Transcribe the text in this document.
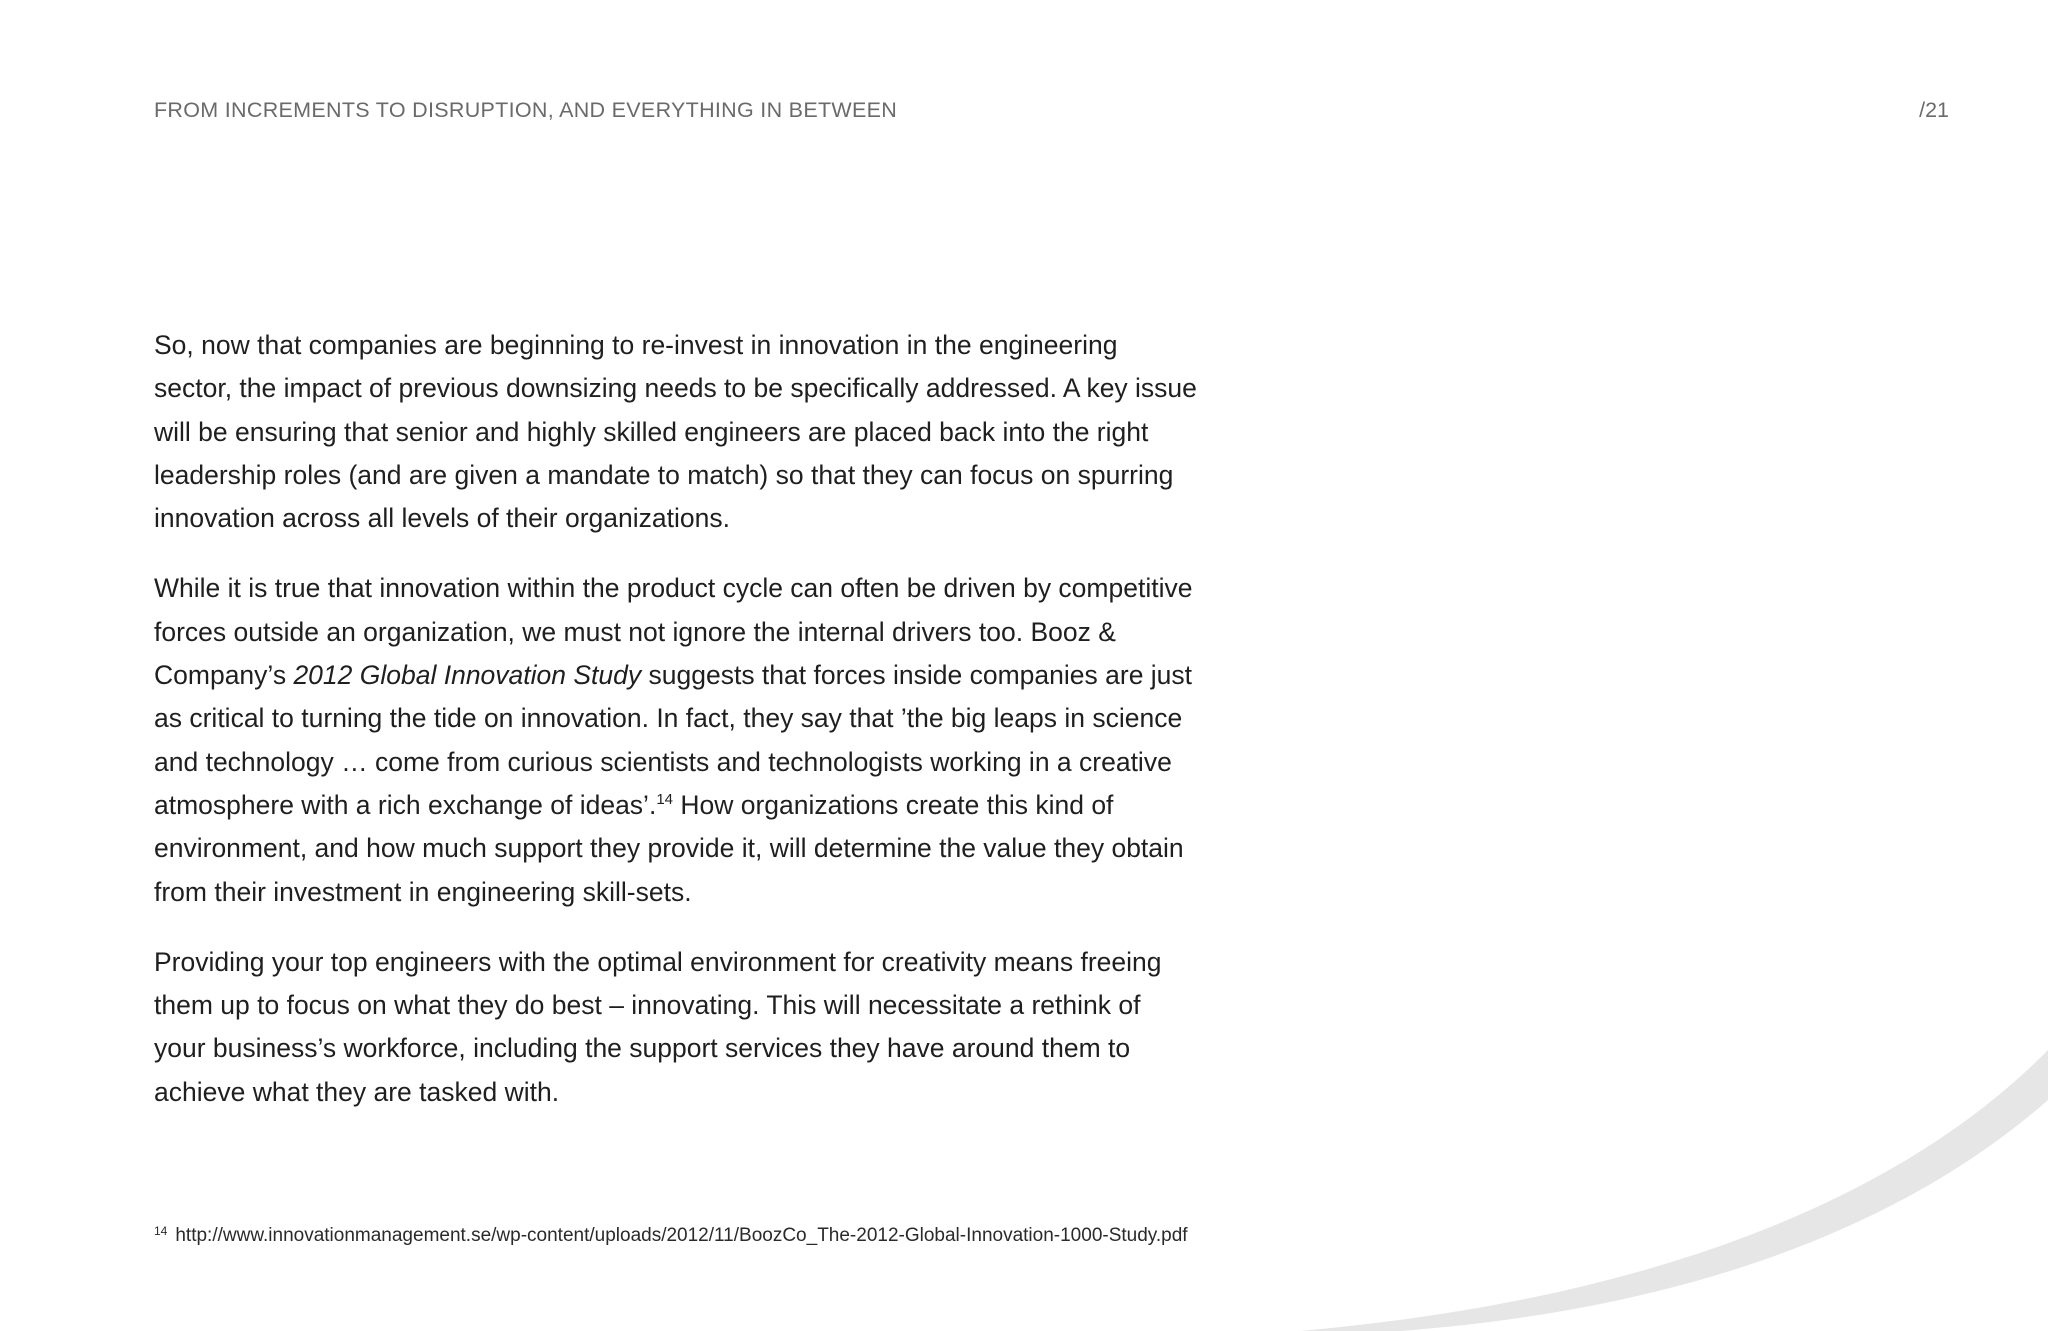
FROM INCREMENTS TO DISRUPTION, AND EVERYTHING IN BETWEEN	/21

So, now that companies are beginning to re-invest in innovation in the engineering sector, the impact of previous downsizing needs to be specifically addressed. A key issue will be ensuring that senior and highly skilled engineers are placed back into the right leadership roles (and are given a mandate to match) so that they can focus on spurring innovation across all levels of their organizations.

While it is true that innovation within the product cycle can often be driven by competitive forces outside an organization, we must not ignore the internal drivers too. Booz & Company’s 2012 Global Innovation Study suggests that forces inside companies are just as critical to turning the tide on innovation. In fact, they say that ’the big leaps in science and technology … come from curious scientists and technologists working in a creative atmosphere with a rich exchange of ideas’.$^{14}$ How organizations create this kind of environment, and how much support they provide it, will determine the value they obtain from their investment in engineering skill-sets.

Providing your top engineers with the optimal environment for creativity means freeing them up to focus on what they do best – innovating. This will necessitate a rethink of your business’s workforce, including the support services they have around them to achieve what they are tasked with.

$^{14}$ http://www.innovationmanagement.se/wp-content/uploads/2012/11/BoozCo_The-2012-Global-Innovation-1000-Study.pdf
